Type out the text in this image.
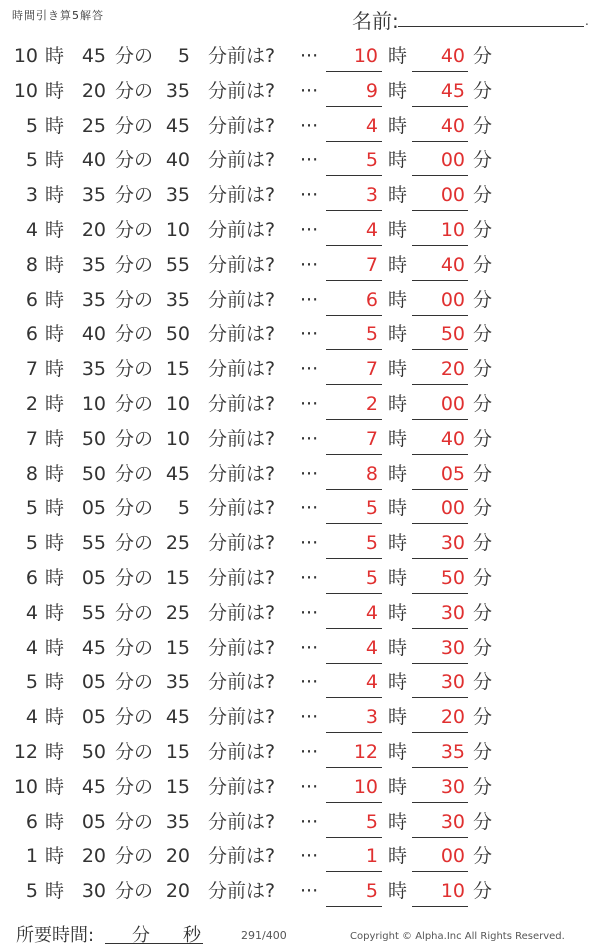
時間引き算5解答	名前:	.
10 時 45 分の 5 分前は? ··· 10 時 40 分
10 時 20 分の 35 分前は? ···	9 時 45 分
5 時 25 分の 45 分前は? ···	4 時 40 分
5 時 40 分の 40 分前は? ···	5 時 00 分
3 時 35 分の 35 分前は? ···	3 時 00 分
4 時 20 分の 10 分前は? ···	4 時 10 分
8 時 35 分の 55 分前は? ···	7 時 40 分
6 時 35 分の 35 分前は? ···	6 時 00 分
6 時 40 分の 50 分前は? ···	5 時 50 分
7 時 35 分の 15 分前は? ···	7 時 20 分
2 時 10 分の 10 分前は? ···	2 時 00 分
7 時 50 分の 10 分前は? ···	7 時 40 分
8 時 50 分の 45 分前は? ···	8 時 05 分
5 時 05 分の 5 分前は? ···	5 時 00 分
5 時 55 分の 25 分前は? ···	5 時 30 分
6 時 05 分の 15 分前は? ···	5 時 50 分
4 時 55 分の 25 分前は? ···	4 時 30 分
4 時 45 分の 15 分前は? ···	4 時 30 分
5 時 05 分の 35 分前は? ···	4 時 30 分
4 時 05 分の 45 分前は? ···	3 時 20 分
12 時 50 分の 15 分前は? ··· 12 時 35 分
10 時 45 分の 15 分前は? ··· 10 時 30 分
6 時 05 分の 35 分前は? ···	5 時 30 分
1 時 20 分の 20 分前は? ···	1 時 00 分
5 時 30 分の 20 分前は? ···	5 時 10 分
所要時間: 分 秒	291/400	Copyright © Alpha.Inc All Rights Reserved.
